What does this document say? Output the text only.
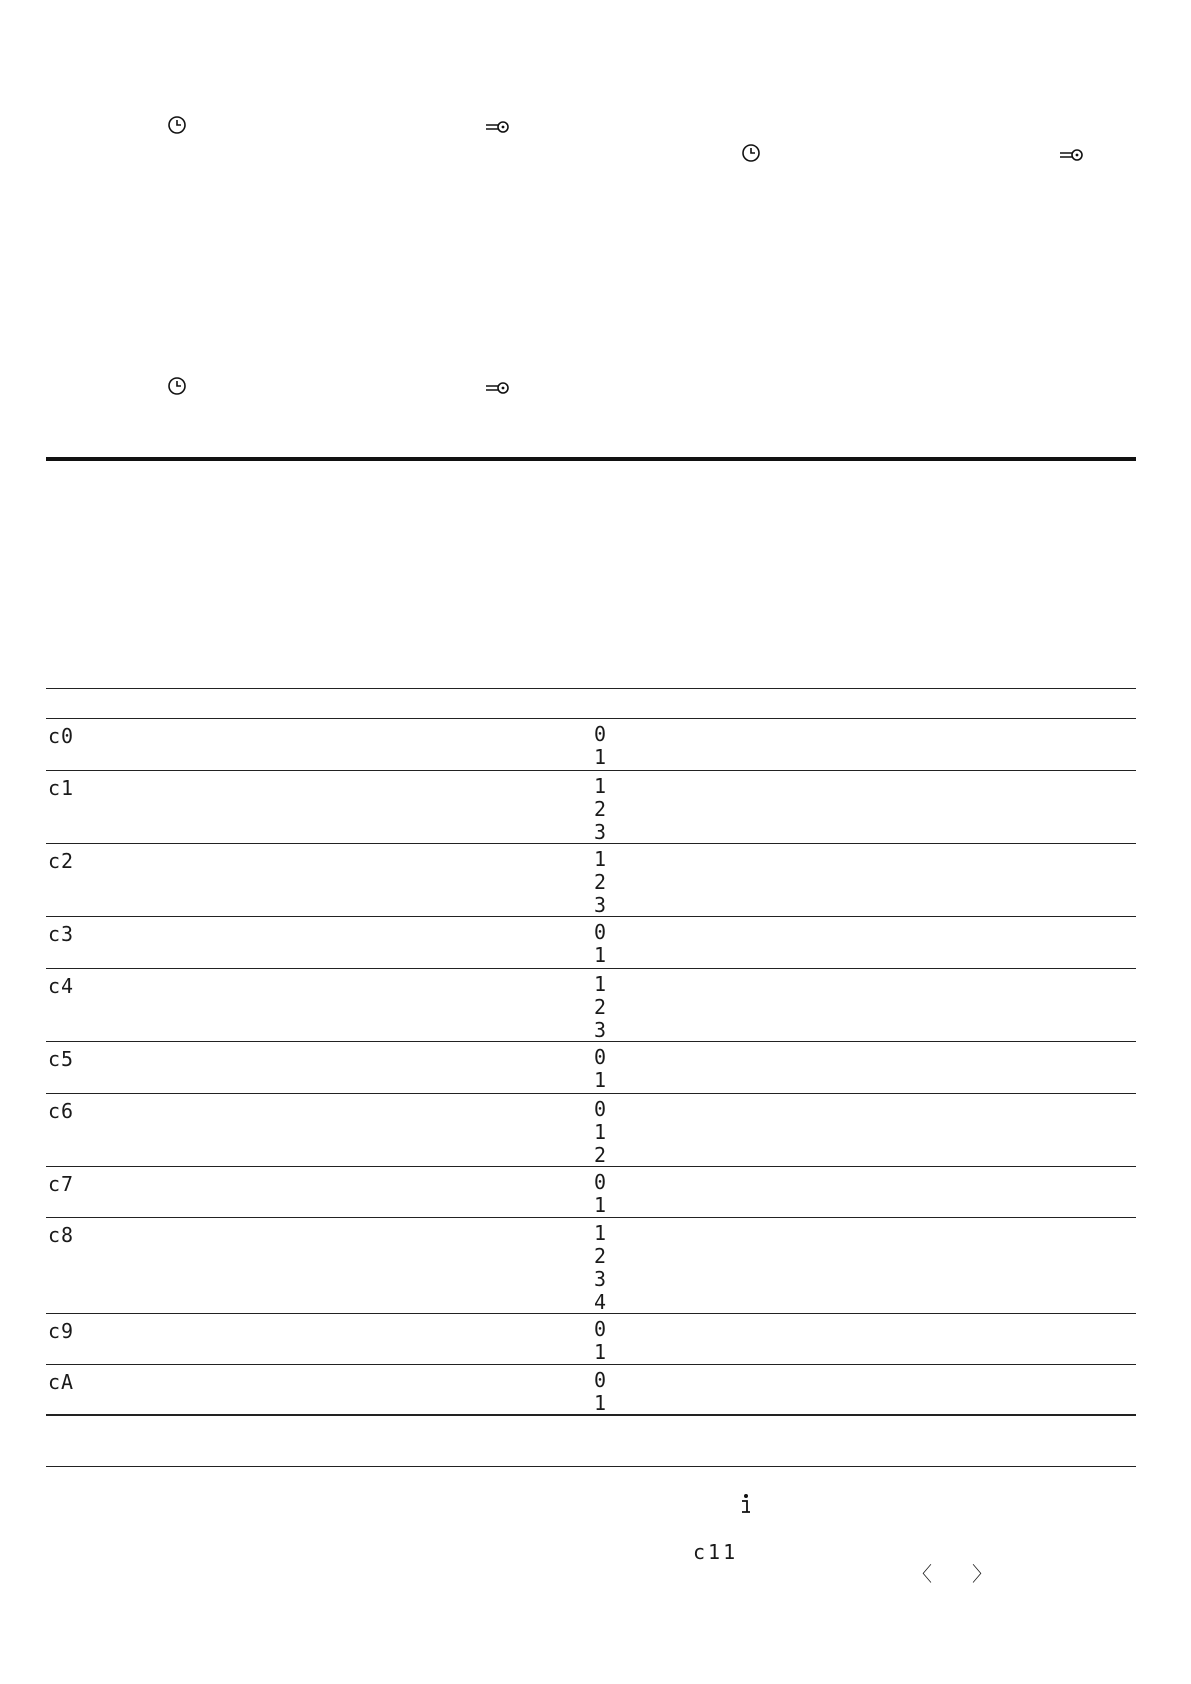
c0	0
1
c1	1
2
3
c2	1
2
3
c3	0
1
c4	1
2
3
c5	0
1
c6	0
1
2
c7	0
1
c8	1
2
3
4
c9	0
1
cA	0
1
c11
〈 〉
